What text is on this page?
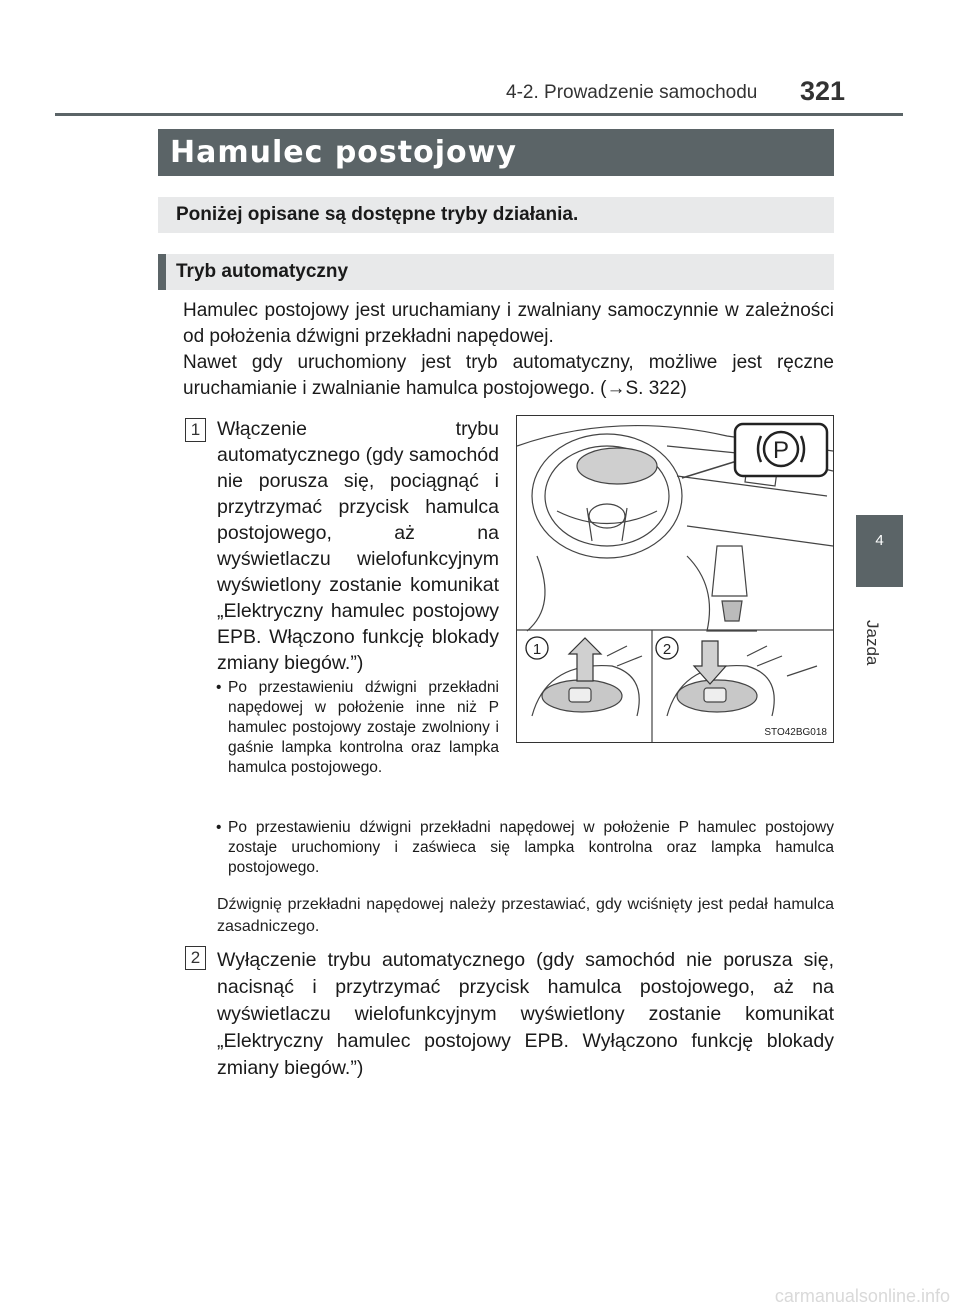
4-2. Prowadzenie samochodu 321
4
Jazda
Hamulec postojowy
Poniżej opisane są dostępne tryby działania.
Tryb automatyczny
Hamulec postojowy jest uruchamiany i zwalniany samoczynnie w zależności od położenia dźwigni przekładni napędowej.
Nawet gdy uruchomiony jest tryb automatyczny, możliwe jest ręczne uruchamianie i zwalnianie hamulca postojowego. (→S. 322)
1 Włączenie trybu automatycznego (gdy samochód nie porusza się, pociągnąć i przytrzymać przycisk hamulca postojowego, aż na wyświetlaczu wielofunkcyjnym wyświetlony zostanie komunikat „Elektryczny hamulec postojowy EPB. Włączono funkcję blokady zmiany biegów.”)
• Po przestawieniu dźwigni przekładni napędowej w położenie inne niż P hamulec postojowy zostaje zwolniony i gaśnie lampka kontrolna oraz lampka hamulca postojowego.
• Po przestawieniu dźwigni przekładni napędowej w położenie P hamulec postojowy zostaje uruchomiony i zaświeca się lampka kontrolna oraz lampka hamulca postojowego.
Dźwignię przekładni napędowej należy przestawiać, gdy wciśnięty jest pedał hamulca zasadniczego.
2 Wyłączenie trybu automatycznego (gdy samochód nie porusza się, nacisnąć i przytrzymać przycisk hamulca postojowego, aż na wyświetlaczu wielofunkcyjnym wyświetlony zostanie komunikat „Elektryczny hamulec postojowy EPB. Wyłączono funkcję blokady zmiany biegów.”)
P
1	2
STO42BG018
carmanualsonline.info
